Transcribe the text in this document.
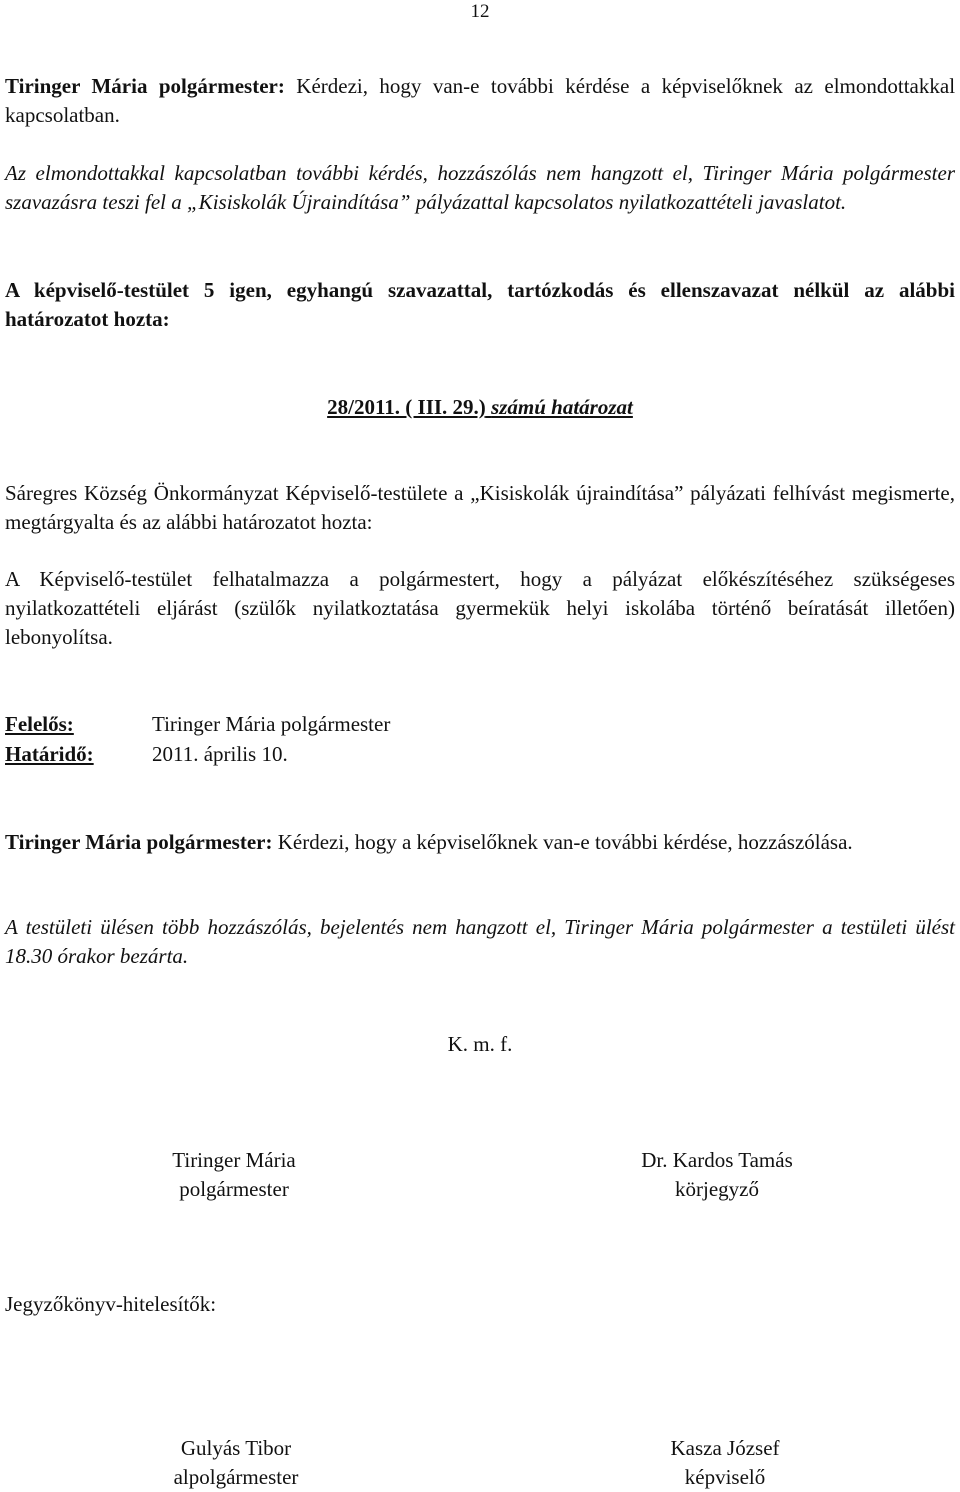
12

Tiringer Mária polgármester: Kérdezi, hogy van-e további kérdése a képviselőknek az elmondottakkal kapcsolatban.

Az elmondottakkal kapcsolatban további kérdés, hozzászólás nem hangzott el, Tiringer Mária polgármester szavazásra teszi fel a „Kisiskolák Újraindítása” pályázattal kapcsolatos nyilatkozattételi javaslatot.

A képviselő-testület 5 igen, egyhangú szavazattal, tartózkodás és ellenszavazat nélkül az alábbi határozatot hozta:

28/2011. ( III. 29.) számú határozat

Sáregres Község Önkormányzat Képviselő-testülete a „Kisiskolák újraindítása” pályázati felhívást megismerte, megtárgyalta és az alábbi határozatot hozta:

A Képviselő-testület felhatalmazza a polgármestert, hogy a pályázat előkészítéséhez szükségeses nyilatkozattételi eljárást (szülők nyilatkoztatása gyermekük helyi iskolába történő beíratását illetően) lebonyolítsa.

Felelős:	Tiringer Mária polgármester
Határidő:	2011. április 10.

Tiringer Mária polgármester: Kérdezi, hogy a képviselőknek van-e további kérdése, hozzászólása.

A testületi ülésen több hozzászólás, bejelentés nem hangzott el, Tiringer Mária polgármester a testületi ülést 18.30 órakor bezárta.

K. m. f.
Tiringer Mária
polgármester
Dr. Kardos Tamás
körjegyző

Jegyzőkönyv-hitelesítők:

Gulyás Tibor
alpolgármester
Kasza József
képviselő
